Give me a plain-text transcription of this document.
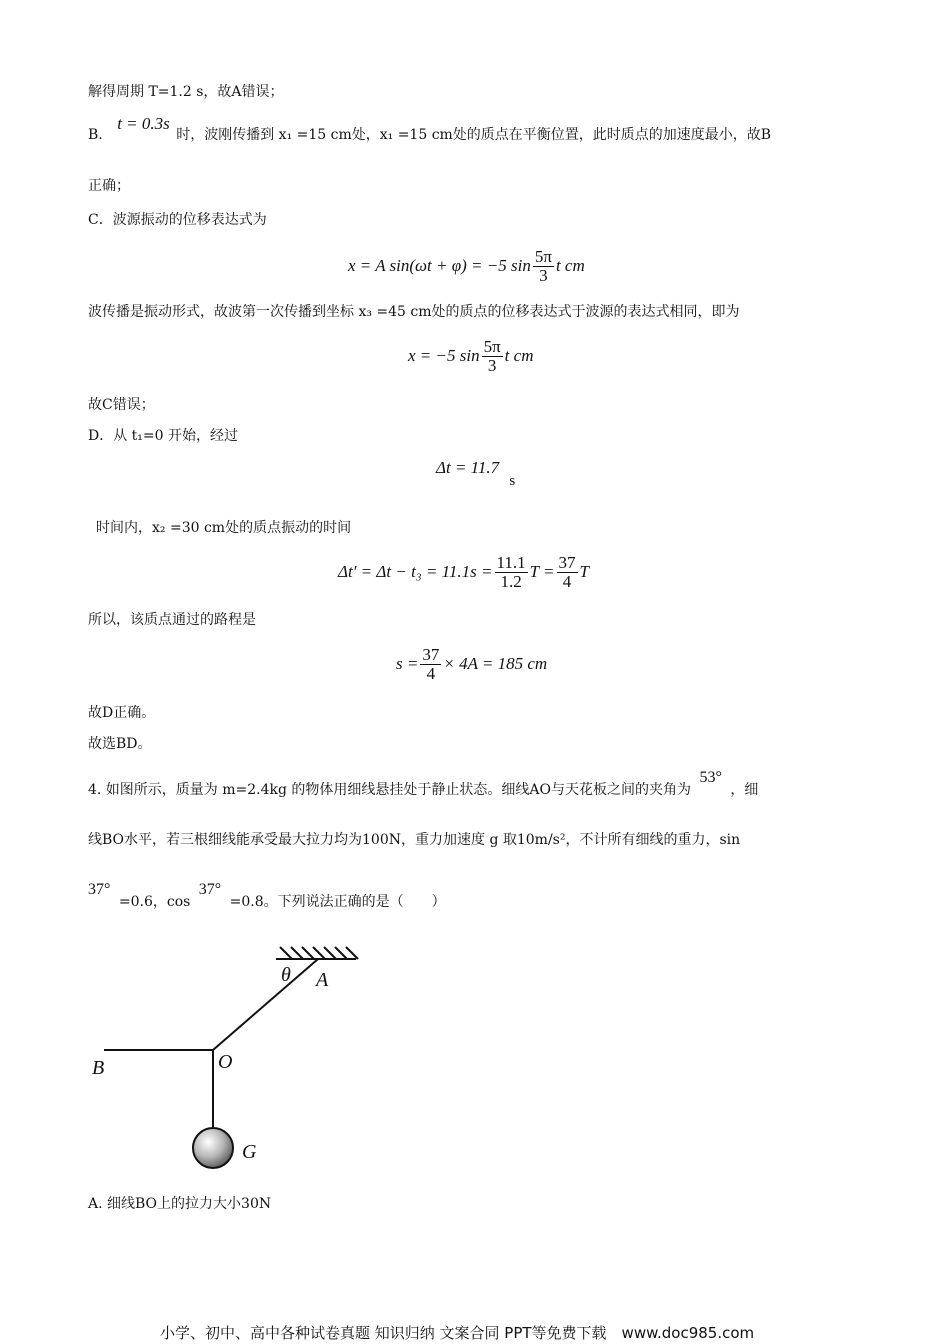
解得周期 T=1.2 s，故A错误；
B. t = 0.3s 时，波刚传播到 x₁ =15 cm处，x₁ =15 cm处的质点在平衡位置，此时质点的加速度最小，故B
正确；
C．波源振动的位移表达式为
x = A sin(ωt + φ) = −5 $\sin \frac{5\pi}{3}$ t cm
波传播是振动形式，故波第一次传播到坐标 x₃ =45 cm处的质点的位移表达式于波源的表达式相同，即为
x = −5 $\sin \frac{5\pi}{3}$ t cm
故C错误；
D．从 t₁=0 开始，经过
Δt = 11.7 s
时间内，x₂ =30 cm处的质点振动的时间
$\Delta t' = \Delta t - t_3 = 11.1s = \frac{11.1}{1.2}$ $T = \frac{37}{4}$ T
所以，该质点通过的路程是
$s = \frac{37}{4} \times 4A = 185$ cm
故D正确。
故选BD。
4. 如图所示，质量为 m=2.4kg 的物体用细线悬挂处于静止状态。细线AO与天花板之间的夹角为 53° ，细
线BO水平，若三根细线能承受最大拉力均为100N，重力加速度 g 取10m/s²，不计所有细线的重力，sin
37° =0.6，cos 37° =0.8。下列说法正确的是（　　）
θ A
B	O
G
A. 细线BO上的拉力大小30N
小学、初中、高中各种试卷真题 知识归纳 文案合同 PPT等免费下载　www.doc985.com
